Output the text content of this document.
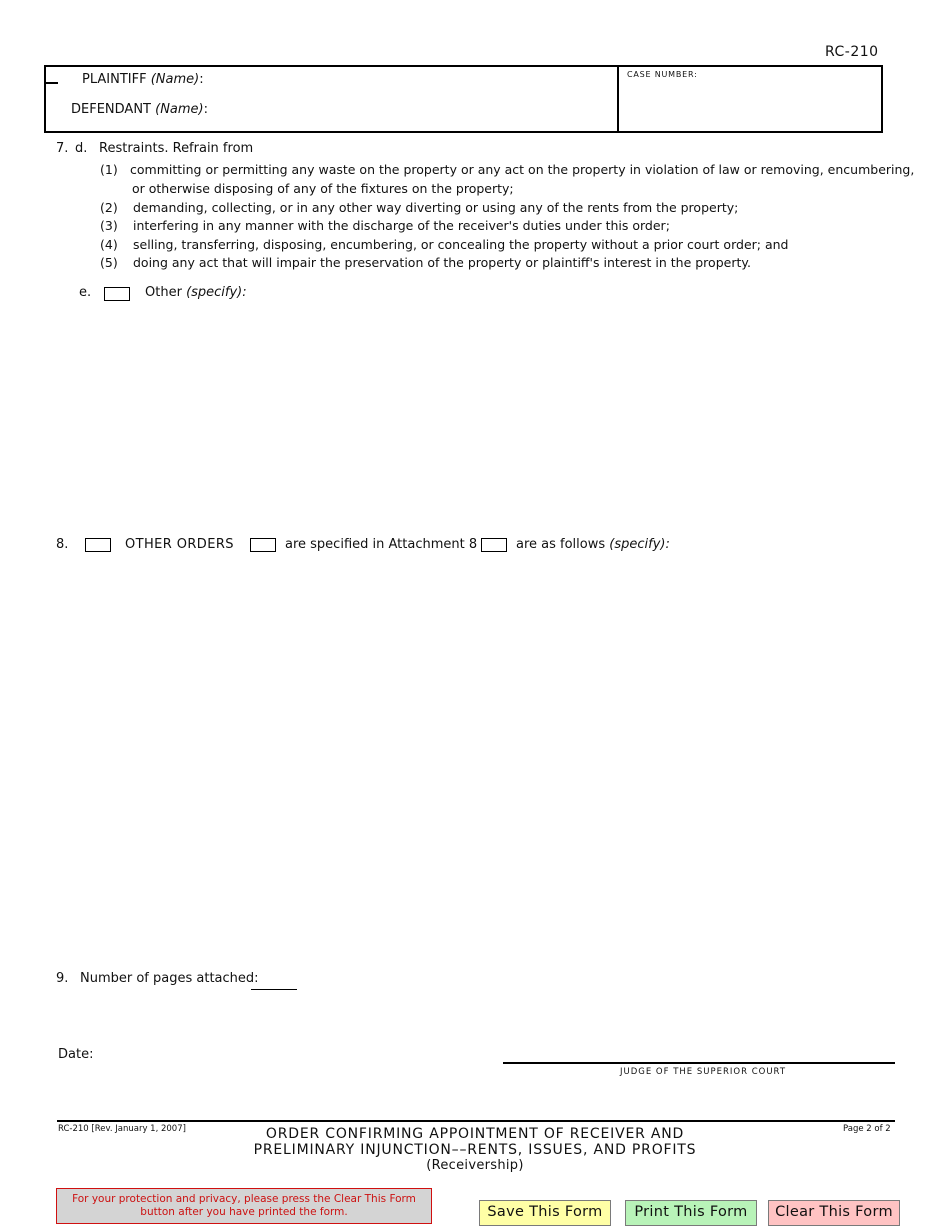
RC-210
PLAINTIFF (Name):
DEFENDANT (Name):
CASE NUMBER:
7. d. Restraints. Refrain from
(1) committing or permitting any waste on the property or any act on the property in violation of law or removing, encumbering,
or otherwise disposing of any of the fixtures on the property;
(2) demanding, collecting, or in any other way diverting or using any of the rents from the property;
(3) interfering in any manner with the discharge of the receiver's duties under this order;
(4) selling, transferring, disposing, encumbering, or concealing the property without a prior court order; and
(5) doing any act that will impair the preservation of the property or plaintiff's interest in the property.
e.	Other (specify):
8.	OTHER ORDERS	are specified in Attachment 8	are as follows (specify):
9. Number of pages attached:
Date:
JUDGE OF THE SUPERIOR COURT
RC-210 [Rev. January 1, 2007]	Page 2 of 2
ORDER CONFIRMING APPOINTMENT OF RECEIVER AND
PRELIMINARY INJUNCTION––RENTS, ISSUES, AND PROFITS
(Receivership)
For your protection and privacy, please press the Clear This Form
button after you have printed the form.	Save This Form	Print This Form	Clear This Form
